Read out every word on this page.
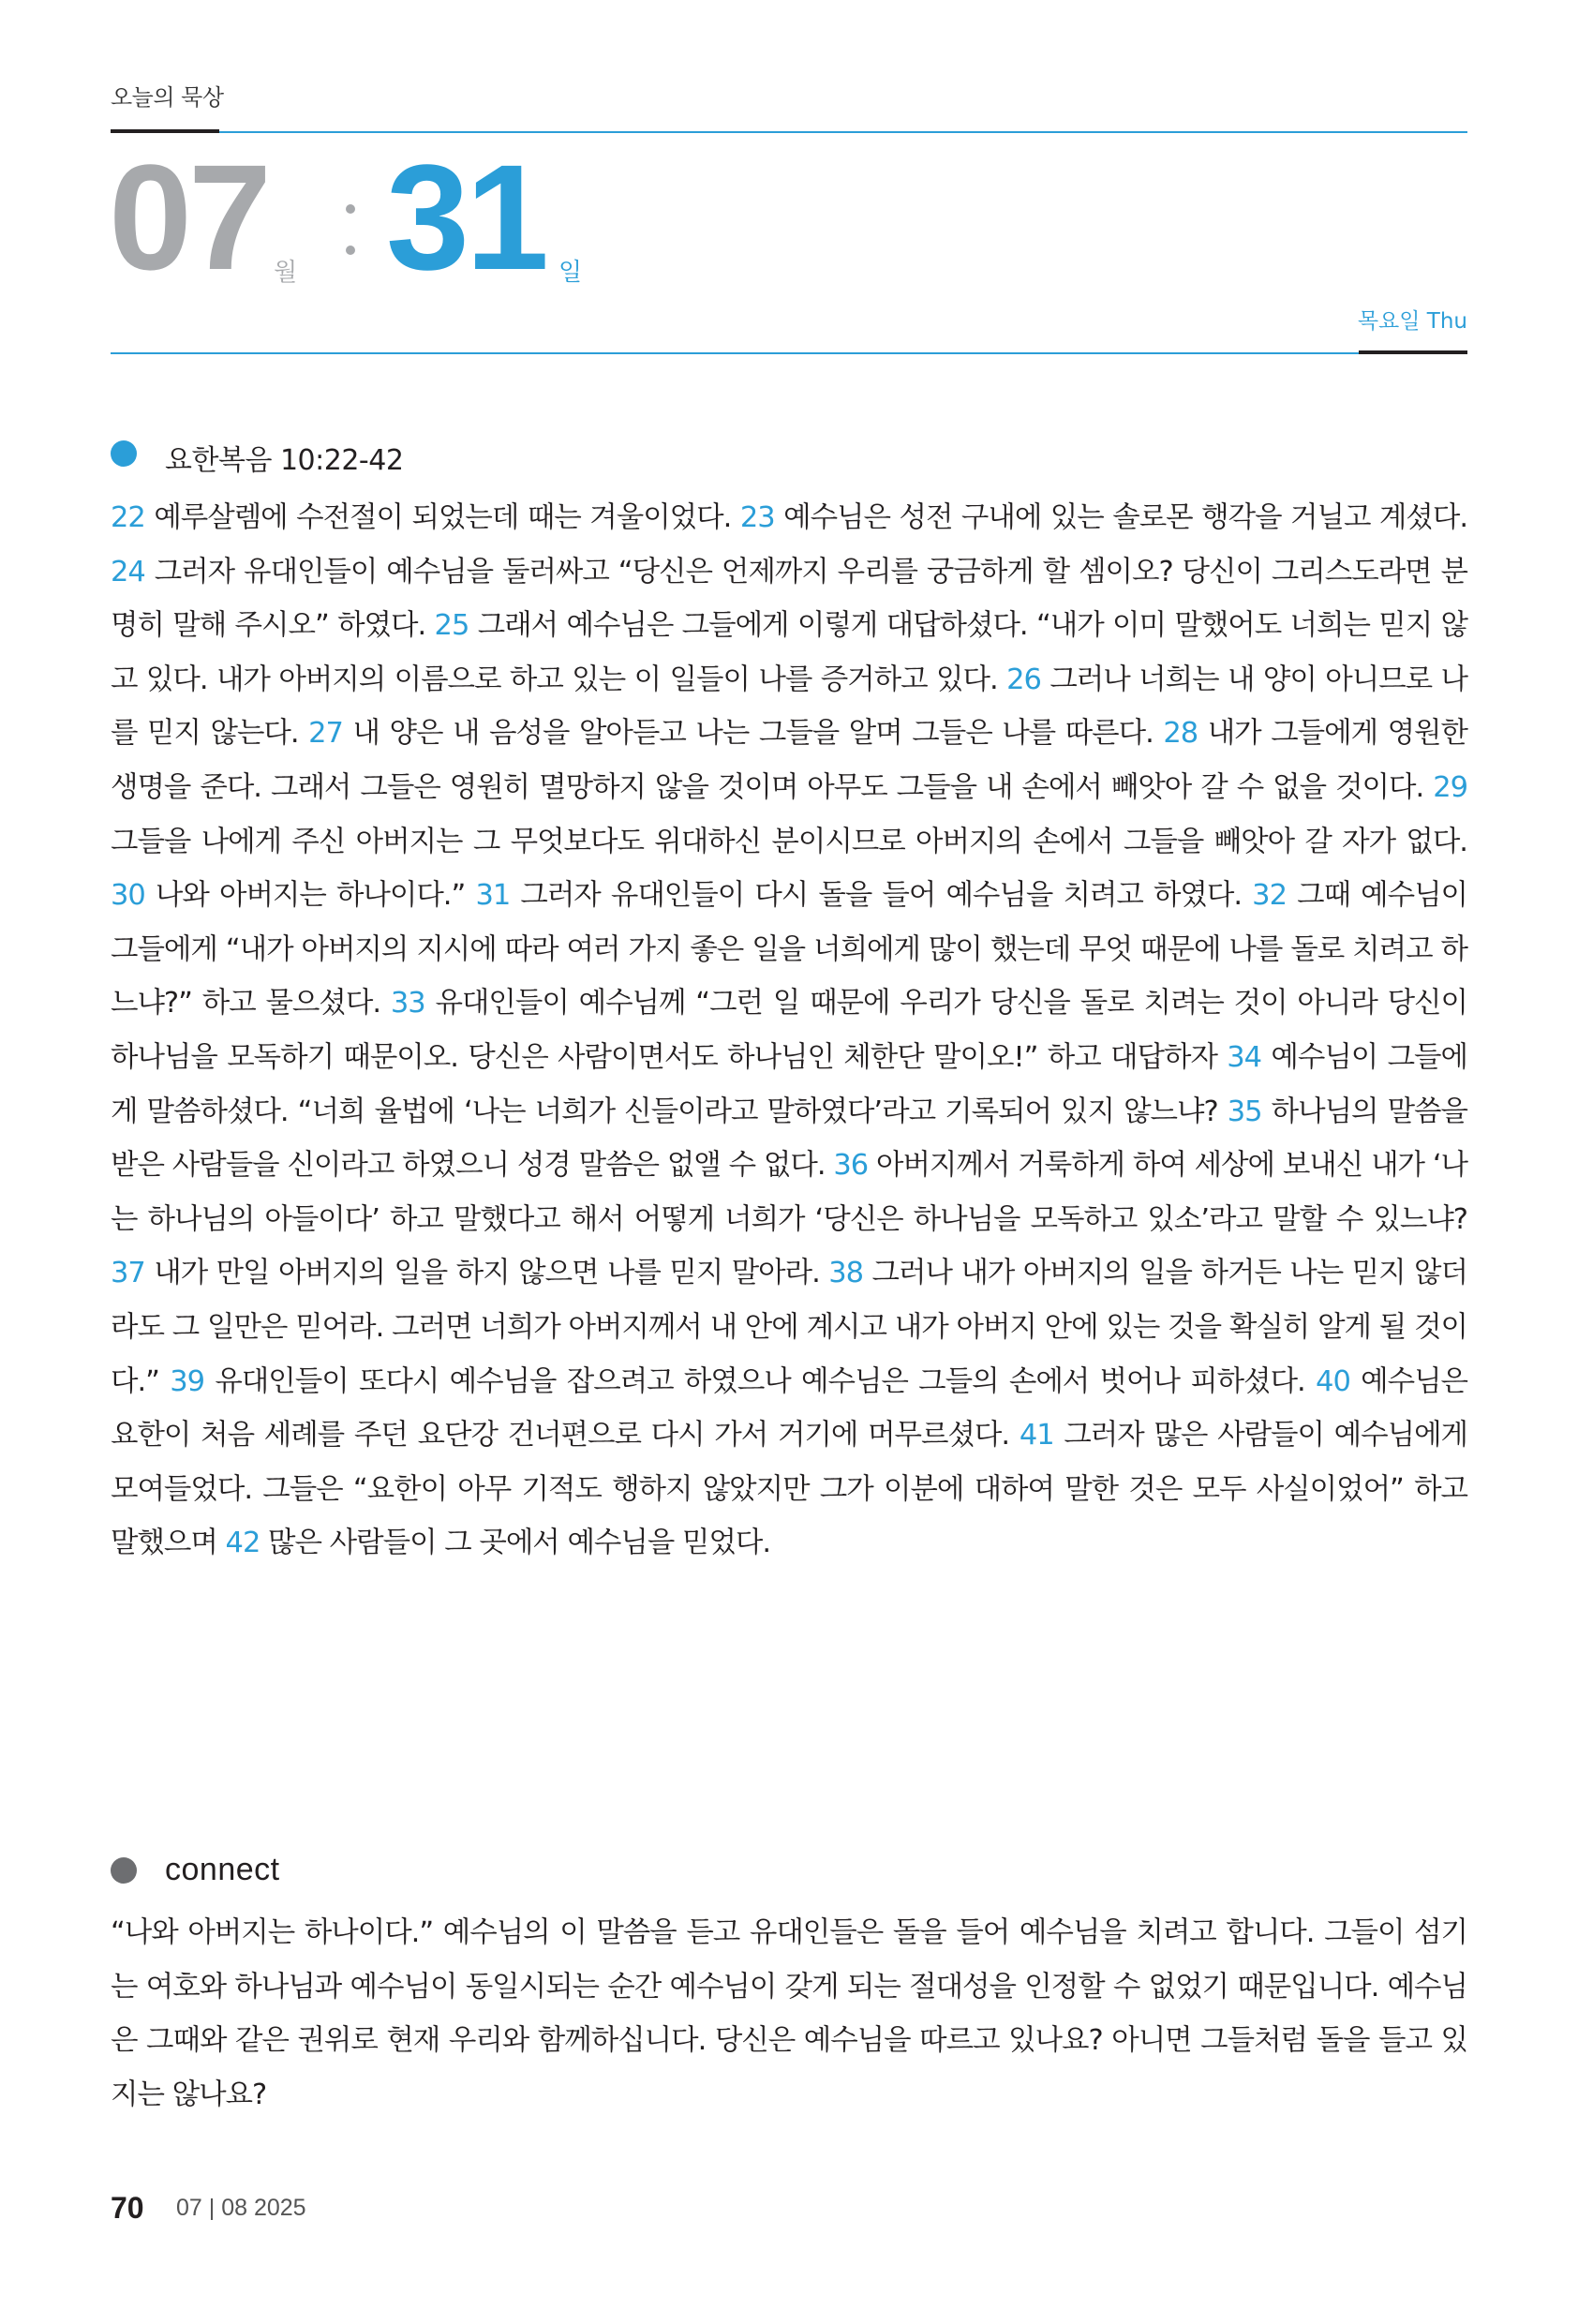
오늘의 묵상
07 월 31 일
목요일 Thu
요한복음 10:22-42
22 예루살렘에 수전절이 되었는데 때는 겨울이었다. 23 예수님은 성전 구내에 있는 솔로몬 행각을 거닐고 계셨다. 24 그러자 유대인들이 예수님을 둘러싸고 “당신은 언제까지 우리를 궁금하게 할 셈이오? 당신이 그리스도라면 분명히 말해 주시오” 하였다. 25 그래서 예수님은 그들에게 이렇게 대답하셨다. “내가 이미 말했어도 너희는 믿지 않고 있다. 내가 아버지의 이름으로 하고 있는 이 일들이 나를 증거하고 있다. 26 그러나 너희는 내 양이 아니므로 나를 믿지 않는다. 27 내 양은 내 음성을 알아듣고 나는 그들을 알며 그들은 나를 따른다. 28 내가 그들에게 영원한 생명을 준다. 그래서 그들은 영원히 멸망하지 않을 것이며 아무도 그들을 내 손에서 빼앗아 갈 수 없을 것이다. 29 그들을 나에게 주신 아버지는 그 무엇보다도 위대하신 분이시므로 아버지의 손에서 그들을 빼앗아 갈 자가 없다. 30 나와 아버지는 하나이다.” 31 그러자 유대인들이 다시 돌을 들어 예수님을 치려고 하였다. 32 그때 예수님이 그들에게 “내가 아버지의 지시에 따라 여러 가지 좋은 일을 너희에게 많이 했는데 무엇 때문에 나를 돌로 치려고 하느냐?” 하고 물으셨다. 33 유대인들이 예수님께 “그런 일 때문에 우리가 당신을 돌로 치려는 것이 아니라 당신이 하나님을 모독하기 때문이오. 당신은 사람이면서도 하나님인 체한단 말이오!” 하고 대답하자 34 예수님이 그들에게 말씀하셨다. “너희 율법에 ‘나는 너희가 신들이라고 말하였다’라고 기록되어 있지 않느냐? 35 하나님의 말씀을 받은 사람들을 신이라고 하였으니 성경 말씀은 없앨 수 없다. 36 아버지께서 거룩하게 하여 세상에 보내신 내가 ‘나는 하나님의 아들이다’ 하고 말했다고 해서 어떻게 너희가 ‘당신은 하나님을 모독하고 있소’라고 말할 수 있느냐? 37 내가 만일 아버지의 일을 하지 않으면 나를 믿지 말아라. 38 그러나 내가 아버지의 일을 하거든 나는 믿지 않더라도 그 일만은 믿어라. 그러면 너희가 아버지께서 내 안에 계시고 내가 아버지 안에 있는 것을 확실히 알게 될 것이다.” 39 유대인들이 또다시 예수님을 잡으려고 하였으나 예수님은 그들의 손에서 벗어나 피하셨다. 40 예수님은 요한이 처음 세례를 주던 요단강 건너편으로 다시 가서 거기에 머무르셨다. 41 그러자 많은 사람들이 예수님에게 모여들었다. 그들은 “요한이 아무 기적도 행하지 않았지만 그가 이분에 대하여 말한 것은 모두 사실이었어” 하고 말했으며 42 많은 사람들이 그 곳에서 예수님을 믿었다.
connect
“나와 아버지는 하나이다.” 예수님의 이 말씀을 듣고 유대인들은 돌을 들어 예수님을 치려고 합니다. 그들이 섬기는 여호와 하나님과 예수님이 동일시되는 순간 예수님이 갖게 되는 절대성을 인정할 수 없었기 때문입니다. 예수님은 그때와 같은 권위로 현재 우리와 함께하십니다. 당신은 예수님을 따르고 있나요? 아니면 그들처럼 돌을 들고 있지는 않나요?
70 07 | 08 2025
